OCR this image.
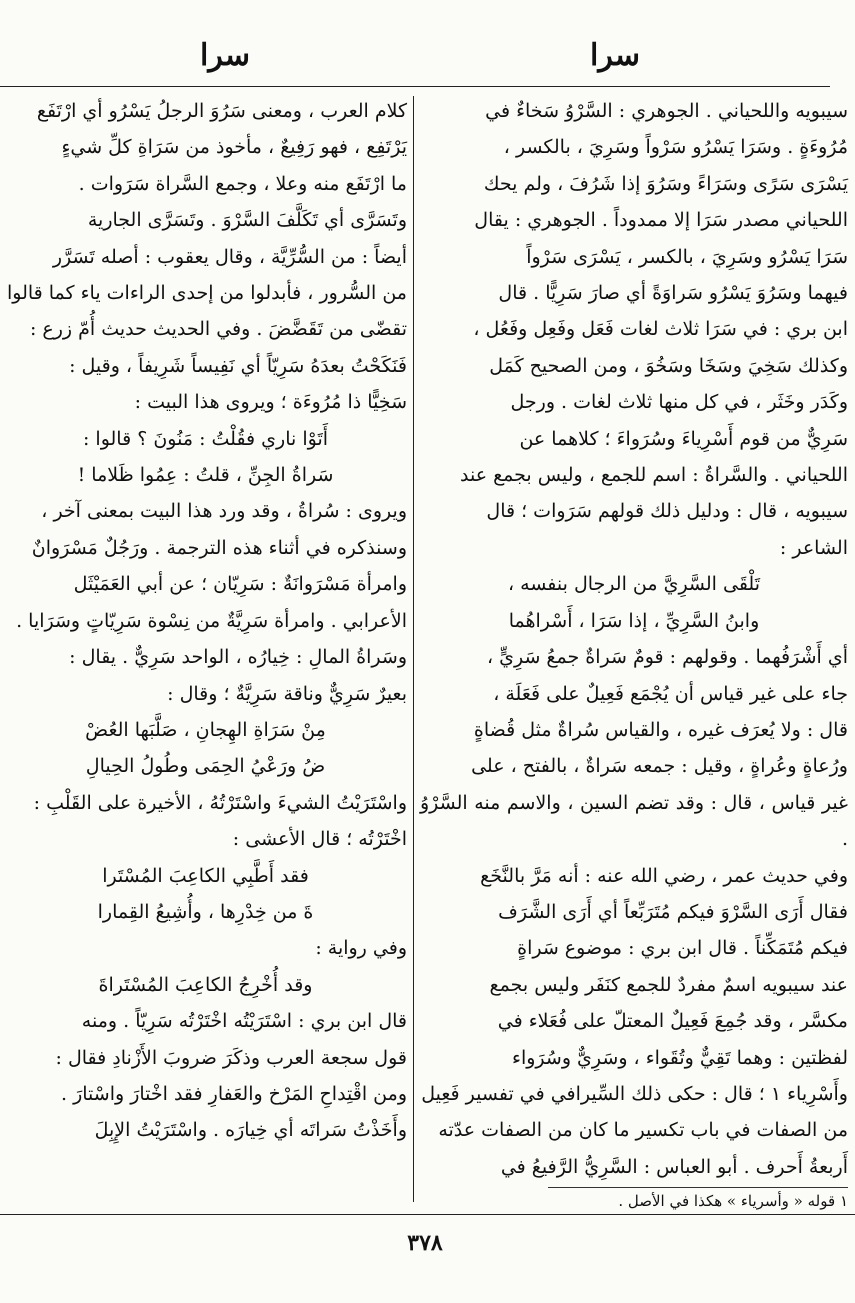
سرا
سرا

سيبويه واللحياني . الجوهري : السَّرْوُ سَخاءٌ في

مُرُوءَةٍ . وسَرَا يَسْرُو سَرْواً وسَرِيَ ، بالكسر ،

يَسْرَى سَرًى وسَرَاءً وسَرُوَ إذا شَرُفَ ، ولم يحك

اللحياني مصدر سَرَا إلا ممدوداً . الجوهري : يقال

سَرَا يَسْرُو وسَرِيَ ، بالكسر ، يَسْرَى سَرْواً

فيهما وسَرُوَ يَسْرُو سَراوَةً أي صارَ سَرِيًّا . قال

ابن بري : في سَرَا ثلاث لغات فَعَل وفَعِل وفَعُل ،

وكذلك سَخِيَ وسَخَا وسَخُوَ ، ومن الصحيح كَمَل

وكَدَر وخَثَر ، في كل منها ثلاث لغات . ورجل

سَرِيٌّ من قوم أَسْرِياءَ وسُرَواءَ ؛ كلاهما عن

اللحياني . والسَّراةُ : اسم للجمع ، وليس بجمع عند

سيبويه ، قال : ودليل ذلك قولهم سَرَوات ؛ قال

الشاعر :

تَلْقَى السَّرِيَّ من الرجال بنفسه ،

وابنُ السَّرِيِّ ، إذا سَرَا ، أَسْراهُما

أي أَشْرَفُهما . وقولهم : قومٌ سَراةٌ جمعُ سَرِيٍّ ،

جاء على غير قياس أن يُجْمَع فَعِيلٌ على فَعَلَة ،

قال : ولا يُعرَف غيره ، والقياس سُراةٌ مثل قُضاةٍ

ورُعاةٍ وعُراةٍ ، وقيل : جمعه سَراةٌ ، بالفتح ، على

غير قياس ، قال : وقد تضم السين ، والاسم منه السَّرْوُ .

وفي حديث عمر ، رضي الله عنه : أنه مَرَّ بالنَّخَع

فقال أَرَى السَّرْوَ فيكم مُتَرَبِّعاً أي أَرَى الشَّرَف

فيكم مُتَمَكِّناً . قال ابن بري : موضوع سَراةٍ

عند سيبويه اسمٌ مفردٌ للجمع كنَفَر وليس بجمع

مكسَّر ، وقد جُمِعَ فَعِيلٌ المعتلّ على فُعَلاء في

لفظتين : وهما تَقِيٌّ وتُقَواء ، وسَرِيٌّ وسُرَواء

وأَسْرِياء ١ ؛ قال : حكى ذلك السِّيرافي في تفسير فَعِيل

من الصفات في باب تكسير ما كان من الصفات عدّته

أَربعةُ أَحرف . أبو العباس : السَّرِيُّ الرَّفيعُ في

١ قوله « وأسرياء » هكذا في الأصل .

كلام العرب ، ومعنى سَرُوَ الرجلُ يَسْرُو أي ارْتَفَع

يَرْتَفِع ، فهو رَفِيعٌ ، مأخوذ من سَرَاةِ كلِّ شيءٍ

ما ارْتَفَع منه وعلا ، وجمع السَّراة سَرَوات .

وتَسَرَّى أي تَكَلَّفَ السَّرْوَ . وتَسَرَّى الجارية

أيضاً : من السُّرِّيَّة ، وقال يعقوب : أصله تَسَرَّر

من السُّرور ، فأبدلوا من إحدى الراءات ياء كما قالوا

تقضّى من تَقَضَّضَ . وفي الحديث حديث أُمّ زرع :

فَنَكَحْتُ بعدَهُ سَرِيّاً أي نَفِيساً شَرِيفاً ، وقيل :

سَخِيًّا ذا مُرُوءَة ؛ ويروى هذا البيت :

أَتَوْا ناري فقُلْتُ : مَنُونَ ؟ قالوا :

سَراةُ الجِنِّ ، قلتُ : عِمُوا ظَلاما !

ويروى : سُراةُ ، وقد ورد هذا البيت بمعنى آخر ،

وسنذكره في أثناء هذه الترجمة . ورَجُلٌ مَسْرَوانٌ

وامرأة مَسْرَوانَةٌ : سَرِيّان ؛ عن أبي العَمَيْثَل

الأعرابي . وامرأة سَرِيَّةٌ من نِسْوة سَرِيّاتٍ وسَرَايا .

وسَراةُ المالِ : خِيارُه ، الواحد سَرِيٌّ . يقال :

بعيرٌ سَرِيٌّ وناقة سَرِيَّةٌ ؛ وقال :

مِنْ سَرَاةِ الهِجانِ ، صَلَّبَها العُضْ

ضُ ورَعْيُ الحِمَى وطُولُ الحِيالِ

واسْتَرَيْتُ الشيءَ واسْتَرْتُهُ ، الأخيرة على القَلْبِ :

اخْتَرْتُه ؛ قال الأعشى :

فقد أَطَّبِي الكاعِبَ المُسْتَرا

ةَ من خِدْرِها ، وأُشِيعُ القِمارا

وفي رواية :

وقد أُخْرِجُ الكاعِبَ المُسْتَراةَ

قال ابن بري : اسْتَرَيْتُه اخْتَرْتُه سَرِيّاً . ومنه

قول سجعة العرب وذكَرَ ضروبَ الأَزْنادِ فقال :

ومن اقْتِداحِ المَرْخ والعَفارِ فقد اخْتارَ واسْتارَ .

وأَخَذْتُ سَراتَه أي خِيارَه . واسْتَرَيْتُ الإِبِلَ

٣٧٨
